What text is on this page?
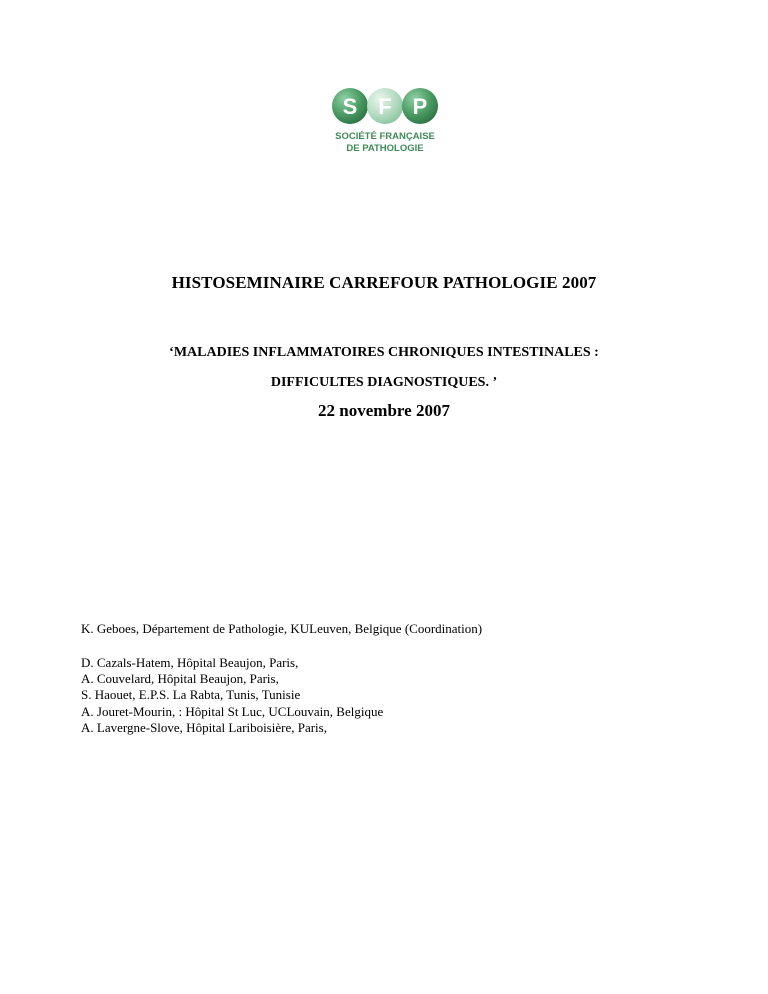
S F P
SOCIÉTÉ FRANÇAISE
DE PATHOLOGIE
HISTOSEMINAIRE CARREFOUR PATHOLOGIE 2007
‘MALADIES INFLAMMATOIRES CHRONIQUES INTESTINALES :
DIFFICULTES DIAGNOSTIQUES. ’
22 novembre 2007
K. Geboes, Département de Pathologie, KULeuven, Belgique (Coordination)
D. Cazals-Hatem, Hôpital Beaujon, Paris,
A. Couvelard, Hôpital Beaujon, Paris,
S. Haouet, E.P.S. La Rabta, Tunis, Tunisie
A. Jouret-Mourin, : Hôpital St Luc, UCLouvain, Belgique
A. Lavergne-Slove, Hôpital Lariboisière, Paris,
